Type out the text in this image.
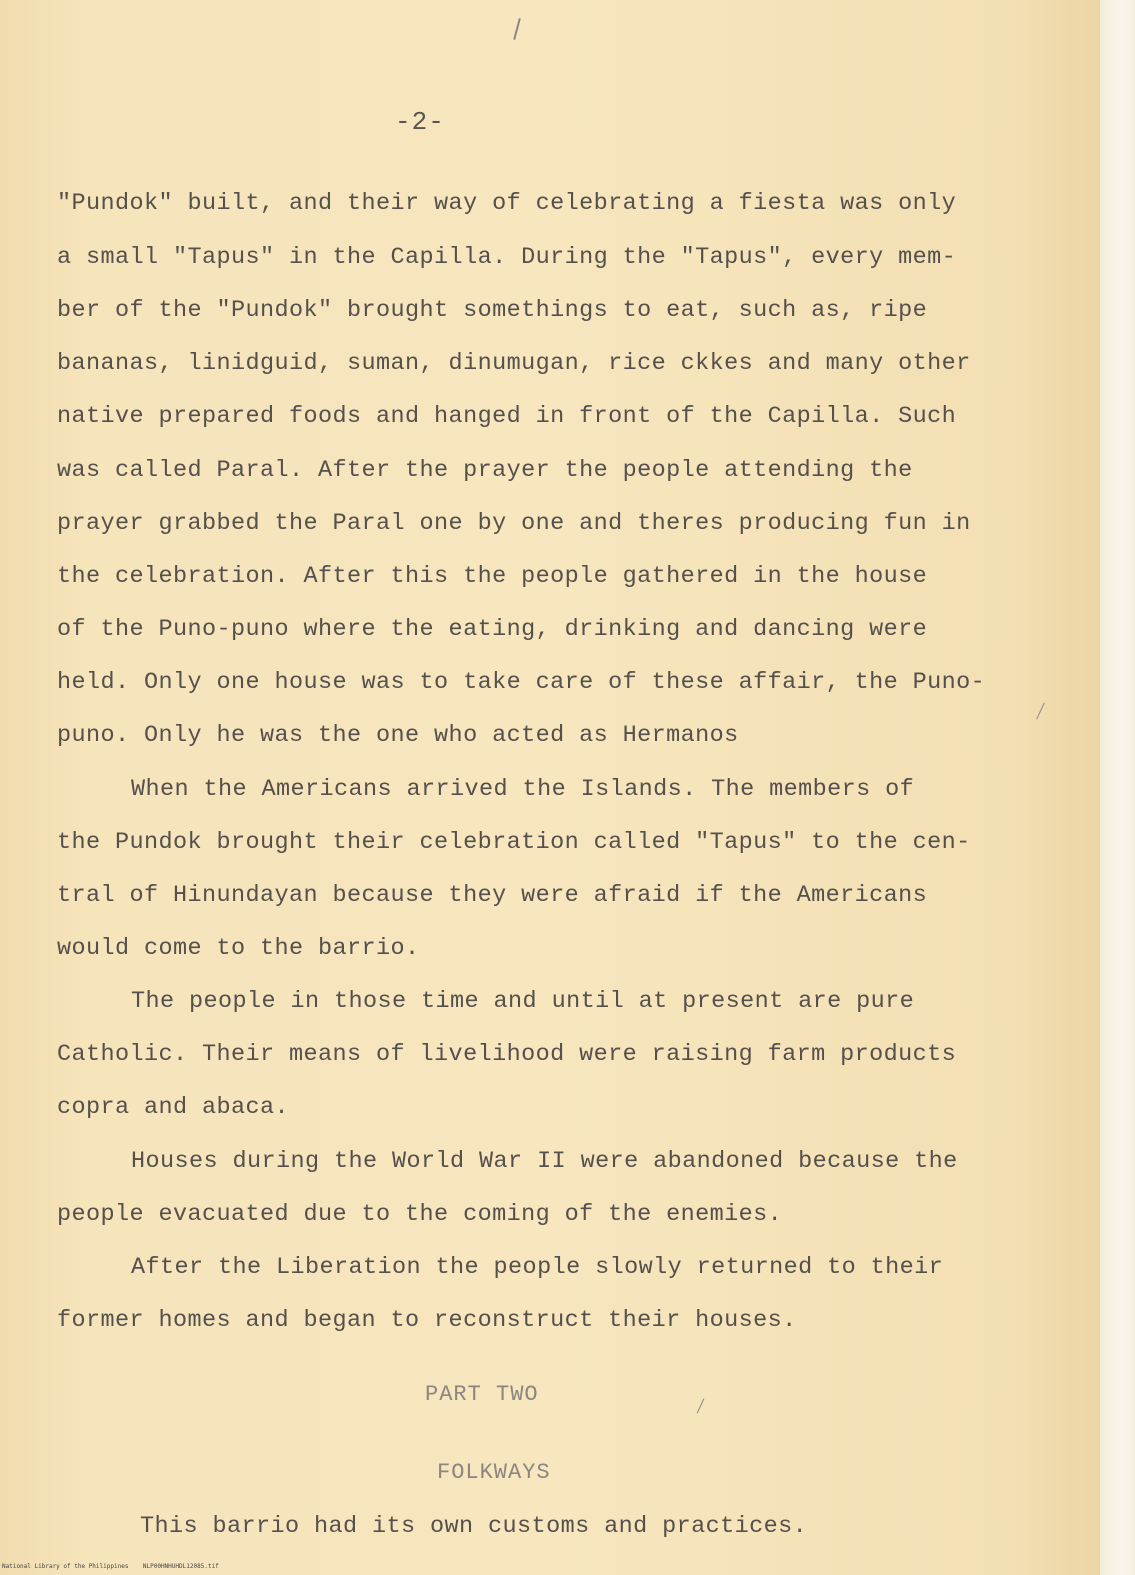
-2-
"Pundok" built, and their way of celebrating a fiesta was only
a small "Tapus" in the Capilla. During the "Tapus", every mem-
ber of the "Pundok" brought somethings to eat, such as, ripe
bananas, linidguid, suman, dinumugan, rice ckkes and many other
native prepared foods and hanged in front of the Capilla. Such
was called Paral. After the prayer the people attending the
prayer grabbed the Paral one by one and theres producing fun in
the celebration. After this the people gathered in the house
of the Puno-puno where the eating, drinking and dancing were
held. Only one house was to take care of these affair, the Puno-
puno. Only he was the one who acted as Hermanos
When the Americans arrived the Islands. The members of
the Pundok brought their celebration called "Tapus" to the cen-
tral of Hinundayan because they were afraid if the Americans
would come to the barrio.
The people in those time and until at present are pure
Catholic. Their means of livelihood were raising farm products
copra and abaca.
Houses during the World War II were abandoned because the
people evacuated due to the coming of the enemies.
After the Liberation the people slowly returned to their
former homes and began to reconstruct their houses.
PART TWO
FOLKWAYS
This barrio had its own customs and practices.
National Library of the Philippines    NLP00HNHUHDL12085.tif
